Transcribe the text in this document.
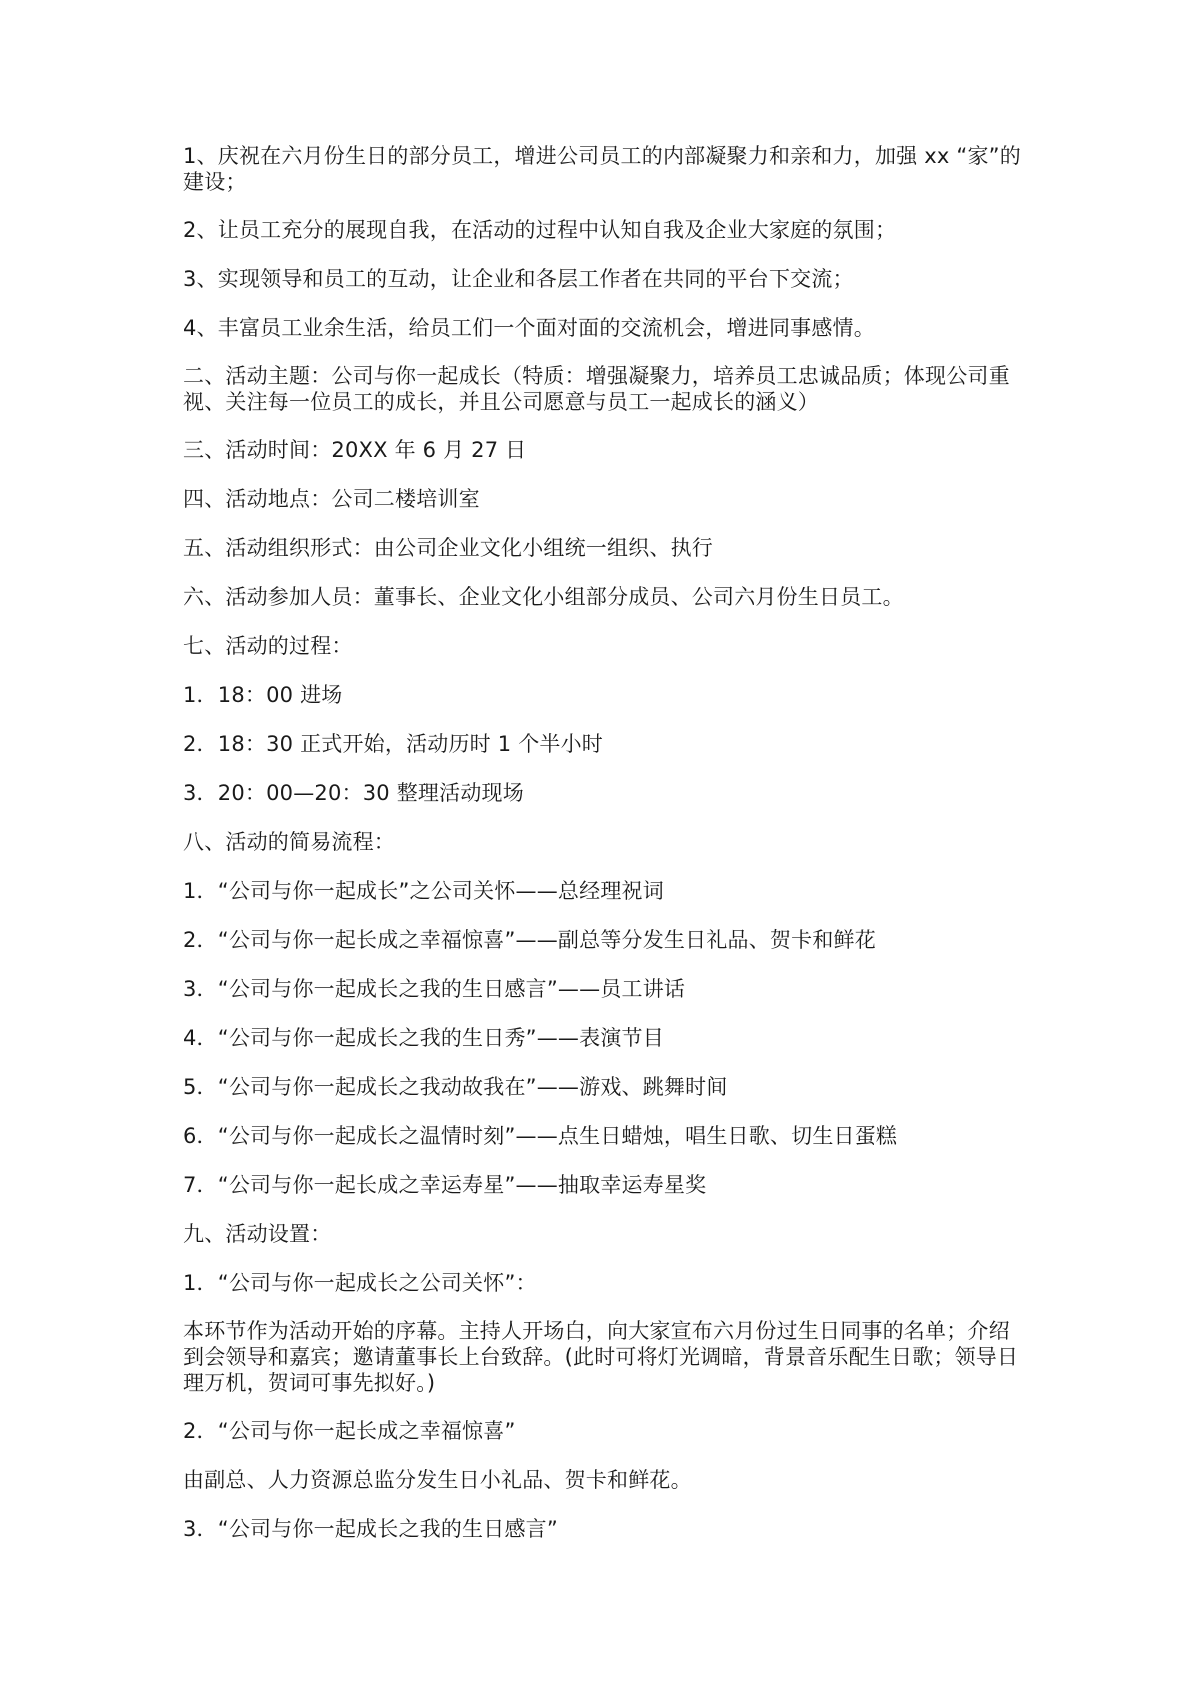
1、庆祝在六月份生日的部分员工，增进公司员工的内部凝聚力和亲和力，加强 xx “家”的建设；

2、让员工充分的展现自我，在活动的过程中认知自我及企业大家庭的氛围；

3、实现领导和员工的互动，让企业和各层工作者在共同的平台下交流；

4、丰富员工业余生活，给员工们一个面对面的交流机会，增进同事感情。

二、活动主题：公司与你一起成长（特质：增强凝聚力，培养员工忠诚品质；体现公司重视、关注每一位员工的成长，并且公司愿意与员工一起成长的涵义）

三、活动时间：20XX 年 6 月 27 日

四、活动地点：公司二楼培训室

五、活动组织形式：由公司企业文化小组统一组织、执行

六、活动参加人员：董事长、企业文化小组部分成员、公司六月份生日员工。

七、活动的过程：

1．18：00 进场

2．18：30 正式开始，活动历时 1 个半小时

3．20：00—20：30 整理活动现场

八、活动的简易流程：

1．“公司与你一起成长”之公司关怀——总经理祝词

2．“公司与你一起长成之幸福惊喜”——副总等分发生日礼品、贺卡和鲜花

3．“公司与你一起成长之我的生日感言”——员工讲话

4．“公司与你一起成长之我的生日秀”——表演节目

5．“公司与你一起成长之我动故我在”——游戏、跳舞时间

6．“公司与你一起成长之温情时刻”——点生日蜡烛，唱生日歌、切生日蛋糕

7．“公司与你一起长成之幸运寿星”——抽取幸运寿星奖

九、活动设置：

1．“公司与你一起成长之公司关怀”：

本环节作为活动开始的序幕。主持人开场白，向大家宣布六月份过生日同事的名单；介绍到会领导和嘉宾；邀请董事长上台致辞。(此时可将灯光调暗，背景音乐配生日歌；领导日理万机，贺词可事先拟好。)

2．“公司与你一起长成之幸福惊喜”

由副总、人力资源总监分发生日小礼品、贺卡和鲜花。

3．“公司与你一起成长之我的生日感言”
